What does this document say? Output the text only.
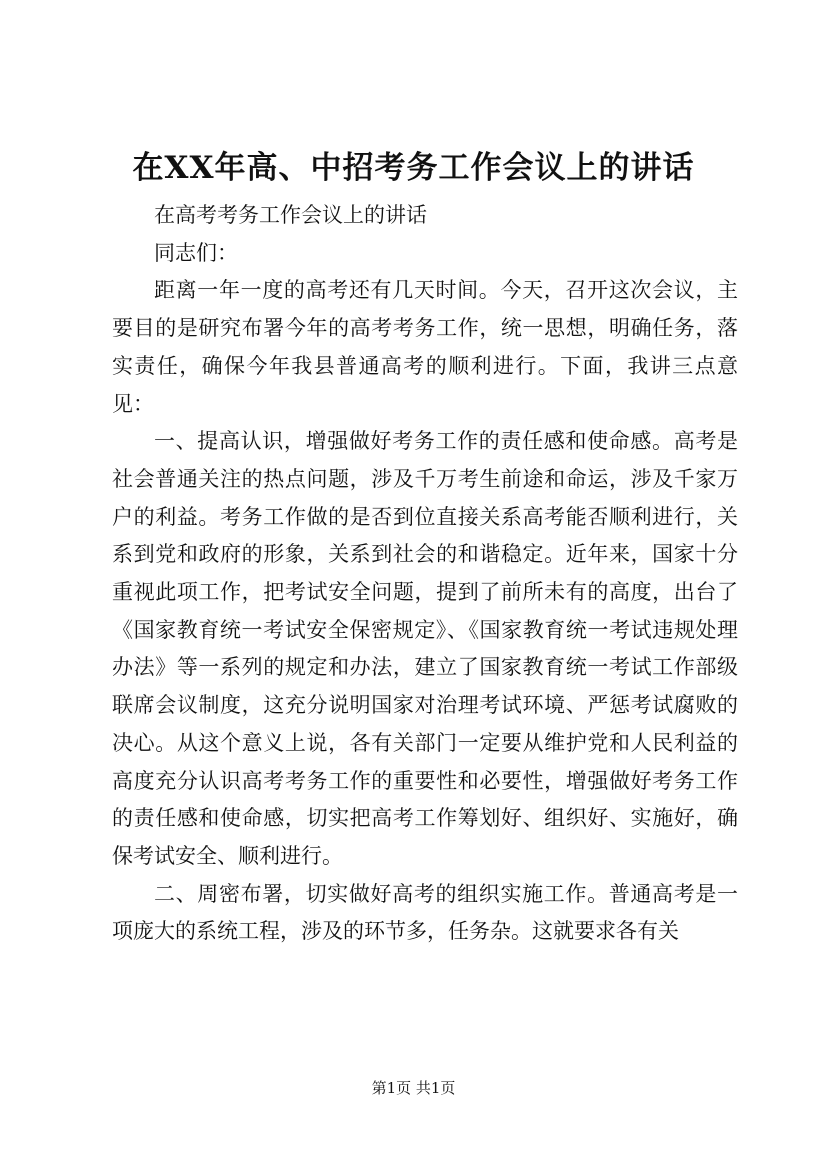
在XX年高、中招考务工作会议上的讲话

在高考考务工作会议上的讲话

同志们：

距离一年一度的高考还有几天时间。今天，召开这次会议，主要目的是研究布署今年的高考考务工作，统一思想，明确任务，落实责任，确保今年我县普通高考的顺利进行。下面，我讲三点意见：

一、提高认识，增强做好考务工作的责任感和使命感。高考是社会普通关注的热点问题，涉及千万考生前途和命运，涉及千家万户的利益。考务工作做的是否到位直接关系高考能否顺利进行，关系到党和政府的形象，关系到社会的和谐稳定。近年来，国家十分重视此项工作，把考试安全问题，提到了前所未有的高度，出台了《国家教育统一考试安全保密规定》、《国家教育统一考试违规处理办法》等一系列的规定和办法，建立了国家教育统一考试工作部级联席会议制度，这充分说明国家对治理考试环境、严惩考试腐败的决心。从这个意义上说，各有关部门一定要从维护党和人民利益的高度充分认识高考考务工作的重要性和必要性，增强做好考务工作的责任感和使命感，切实把高考工作筹划好、组织好、实施好，确保考试安全、顺利进行。

二、周密布署，切实做好高考的组织实施工作。普通高考是一项庞大的系统工程，涉及的环节多，任务杂。这就要求各有关

第1页 共1页
